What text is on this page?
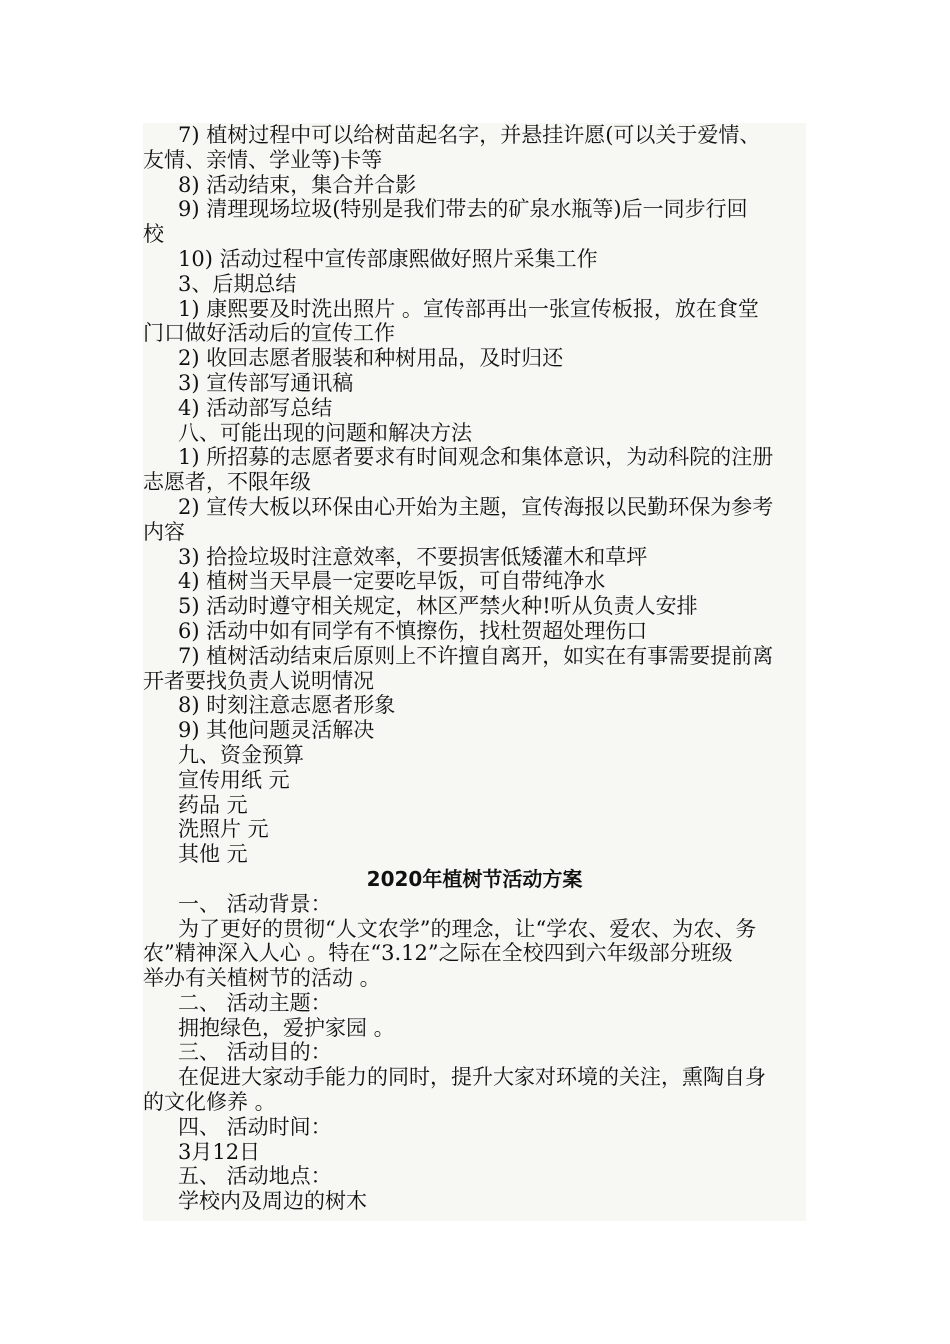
7) 植树过程中可以给树苗起名字，并悬挂许愿(可以关于爱情、
友情、亲情、学业等)卡等
8) 活动结束，集合并合影
9) 清理现场垃圾(特别是我们带去的矿泉水瓶等)后一同步行回
校
10) 活动过程中宣传部康熙做好照片采集工作
3、后期总结
1) 康熙要及时洗出照片 。宣传部再出一张宣传板报，放在食堂
门口做好活动后的宣传工作
2) 收回志愿者服装和种树用品，及时归还
3) 宣传部写通讯稿
4) 活动部写总结
八、可能出现的问题和解决方法
1) 所招募的志愿者要求有时间观念和集体意识，为动科院的注册
志愿者，不限年级
2) 宣传大板以环保由心开始为主题，宣传海报以民勤环保为参考
内容
3) 拾捡垃圾时注意效率，不要损害低矮灌木和草坪
4) 植树当天早晨一定要吃早饭，可自带纯净水
5) 活动时遵守相关规定，林区严禁火种!听从负责人安排
6) 活动中如有同学有不慎擦伤，找杜贺超处理伤口
7) 植树活动结束后原则上不许擅自离开，如实在有事需要提前离
开者要找负责人说明情况
8) 时刻注意志愿者形象
9) 其他问题灵活解决
九、资金预算
宣传用纸 元
药品 元
洗照片 元
其他 元
2020年植树节活动方案
一、 活动背景：
为了更好的贯彻“人文农学”的理念，让“学农、爱农、为农、务
农”精神深入人心 。特在“3.12”之际在全校四到六年级部分班级
举办有关植树节的活动 。
二、 活动主题：
拥抱绿色，爱护家园 。
三、 活动目的：
在促进大家动手能力的同时，提升大家对环境的关注，熏陶自身
的文化修养 。
四、 活动时间：
3月12日
五、 活动地点：
学校内及周边的树木
